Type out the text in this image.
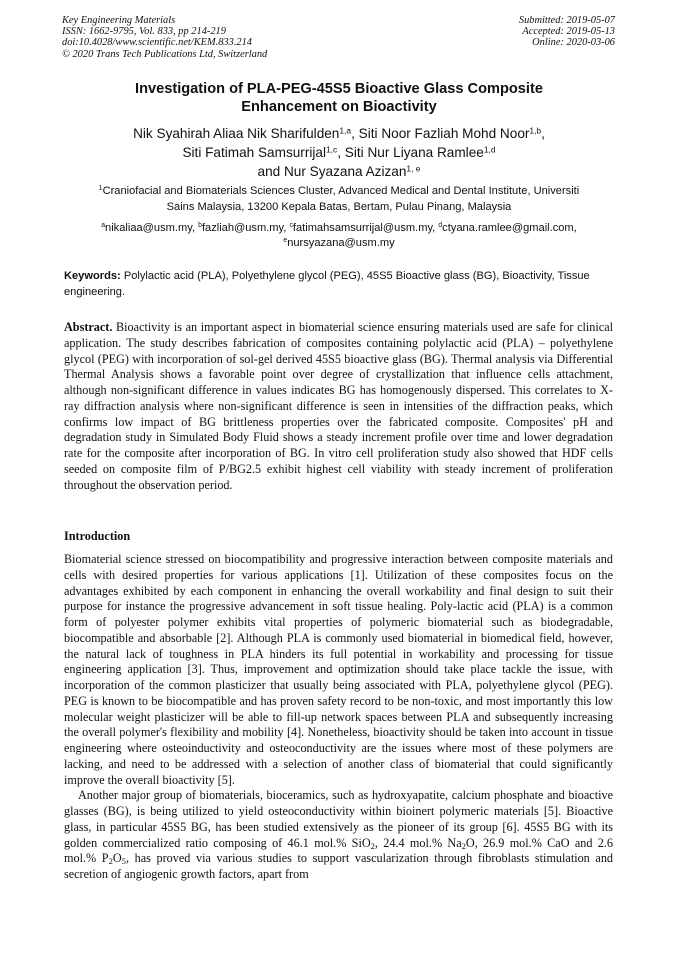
Key Engineering Materials
ISSN: 1662-9795, Vol. 833, pp 214-219
doi:10.4028/www.scientific.net/KEM.833.214
© 2020 Trans Tech Publications Ltd, Switzerland
Submitted: 2019-05-07
Accepted: 2019-05-13
Online: 2020-03-06
Investigation of PLA-PEG-45S5 Bioactive Glass Composite
Enhancement on Bioactivity
Nik Syahirah Aliaa Nik Sharifulden$^{1,a}$, Siti Noor Fazliah Mohd Noor$^{1,b}$,
Siti Fatimah Samsurrijal$^{1,c}$, Siti Nur Liyana Ramlee$^{1,d}$
and Nur Syazana Azizan$^{1, e}$
$^1$Craniofacial and Biomaterials Sciences Cluster, Advanced Medical and Dental Institute, Universiti
Sains Malaysia, 13200 Kepala Batas, Bertam, Pulau Pinang, Malaysia
$^a$nikaliaa@usm.my, $^b$fazliah@usm.my, $^c$fatimahsamsurrijal@usm.my, $^d$ctyana.ramlee@gmail.com,
$^e$nursyazana@usm.my
Keywords: Polylactic acid (PLA), Polyethylene glycol (PEG), 45S5 Bioactive glass (BG), Bioactivity, Tissue engineering.
Abstract. Bioactivity is an important aspect in biomaterial science ensuring materials used are safe for clinical application. The study describes fabrication of composites containing polylactic acid (PLA) – polyethylene glycol (PEG) with incorporation of sol-gel derived 45S5 bioactive glass (BG). Thermal analysis via Differential Thermal Analysis shows a favorable point over degree of crystallization that influence cells attachment, although non-significant difference in values indicates BG has homogenously dispersed. This correlates to X-ray diffraction analysis where non-significant difference is seen in intensities of the diffraction peaks, which confirms low impact of BG brittleness properties over the fabricated composite. Composites' pH and degradation study in Simulated Body Fluid shows a steady increment profile over time and lower degradation rate for the composite after incorporation of BG. In vitro cell proliferation study also showed that HDF cells seeded on composite film of P/BG2.5 exhibit highest cell viability with steady increment of proliferation throughout the observation period.
Introduction

Biomaterial science stressed on biocompatibility and progressive interaction between composite materials and cells with desired properties for various applications [1]. Utilization of these composites focus on the advantages exhibited by each component in enhancing the overall workability and final design to suit their purpose for instance the progressive advancement in soft tissue healing. Poly-lactic acid (PLA) is a common form of polyester polymer exhibits vital properties of polymeric biomaterial such as biodegradable, biocompatible and absorbable [2]. Although PLA is commonly used biomaterial in biomedical field, however, the natural lack of toughness in PLA hinders its full potential in workability and processing for tissue engineering application [3]. Thus, improvement and optimization should take place tackle the issue, with incorporation of the common plasticizer that usually being associated with PLA, polyethylene glycol (PEG). PEG is known to be biocompatible and has proven safety record to be non-toxic, and most importantly this low molecular weight plasticizer will be able to fill-up network spaces between PLA and subsequently increasing the overall polymer's flexibility and mobility [4]. Nonetheless, bioactivity should be taken into account in tissue engineering where osteoinductivity and osteoconductivity are the issues where most of these polymers are lacking, and need to be addressed with a selection of another class of biomaterial that could significantly improve the overall bioactivity [5].

Another major group of biomaterials, bioceramics, such as hydroxyapatite, calcium phosphate and bioactive glasses (BG), is being utilized to yield osteoconductivity within bioinert polymeric materials [5]. Bioactive glass, in particular 45S5 BG, has been studied extensively as the pioneer of its group [6]. 45S5 BG with its golden commercialized ratio composing of 46.1 mol.% SiO$_2$, 24.4 mol.% $Na_2O$, 26.9 mol.% CaO and 2.6 mol.% $P_2O_5$, has proved via various studies to support vascularization through fibroblasts stimulation and secretion of angiogenic growth factors, apart from
